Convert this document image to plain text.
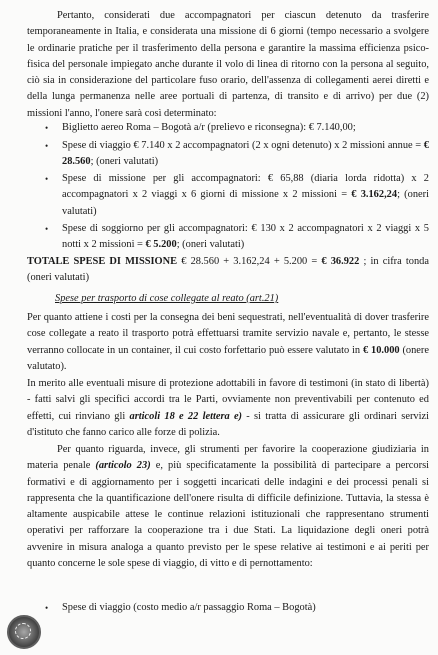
Pertanto, considerati due accompagnatori per ciascun detenuto da trasferire temporaneamente in Italia, e considerata una missione di 6 giorni (tempo necessario a svolgere le ordinarie pratiche per il trasferimento della persona e garantire la massima efficienza psico-fisica del personale impiegato anche durante il volo di linea di ritorno con la persona al seguito, ciò sia in considerazione del particolare fuso orario, dell'assenza di collegamenti aerei diretti e della lunga permanenza nelle aree portuali di partenza, di transito e di arrivo) per due (2) missioni l'anno, l'onere sarà così determinato:

• Biglietto aereo Roma – Bogotà a/r (prelievo e riconsegna): € 7.140,00;

• Spese di viaggio € 7.140 x 2 accompagnatori (2 x ogni detenuto) x 2 missioni annue = € 28.560; (oneri valutati)

• Spese di missione per gli accompagnatori: € 65,88 (diaria lorda ridotta) x 2 accompagnatori x 2 viaggi x 6 giorni di missione x 2 missioni = € 3.162,24; (oneri valutati)

• Spese di soggiorno per gli accompagnatori: € 130 x 2 accompagnatori x 2 viaggi x 5 notti x 2 missioni = € 5.200; (oneri valutati)

TOTALE SPESE DI MISSIONE € 28.560 + 3.162,24 + 5.200 = € 36.922 ; in cifra tonda (oneri valutati)

Spese per trasporto di cose collegate al reato (art.21)

Per quanto attiene i costi per la consegna dei beni sequestrati, nell'eventualità di dover trasferire cose collegate a reato il trasporto potrà effettuarsi tramite servizio navale e, pertanto, le stesse verranno collocate in un container, il cui costo forfettario può essere valutato in € 10.000 (onere valutato).

In merito alle eventuali misure di protezione adottabili in favore di testimoni (in stato di libertà) - fatti salvi gli specifici accordi tra le Parti, ovviamente non preventivabili per contenuto ed effetti, cui rinviano gli articoli 18 e 22 lettera e) - si tratta di assicurare gli ordinari servizi d'istituto che fanno carico alle forze di polizia.

Per quanto riguarda, invece, gli strumenti per favorire la cooperazione giudiziaria in materia penale (articolo 23) e, più specificatamente la possibilità di partecipare a percorsi formativi e di aggiornamento per i soggetti incaricati delle indagini e dei processi penali si rappresenta che la quantificazione dell'onere risulta di difficile definizione. Tuttavia, la stessa è altamente auspicabile attese le continue relazioni istituzionali che rappresentano strumenti operativi per rafforzare la cooperazione tra i due Stati. La liquidazione degli oneri potrà avvenire in misura analoga a quanto previsto per le spese relative ai testimoni e ai periti per quanto concerne le sole spese di viaggio, di vitto e di pernottamento:

• Spese di viaggio (costo medio a/r passaggio Roma – Bogotà)
